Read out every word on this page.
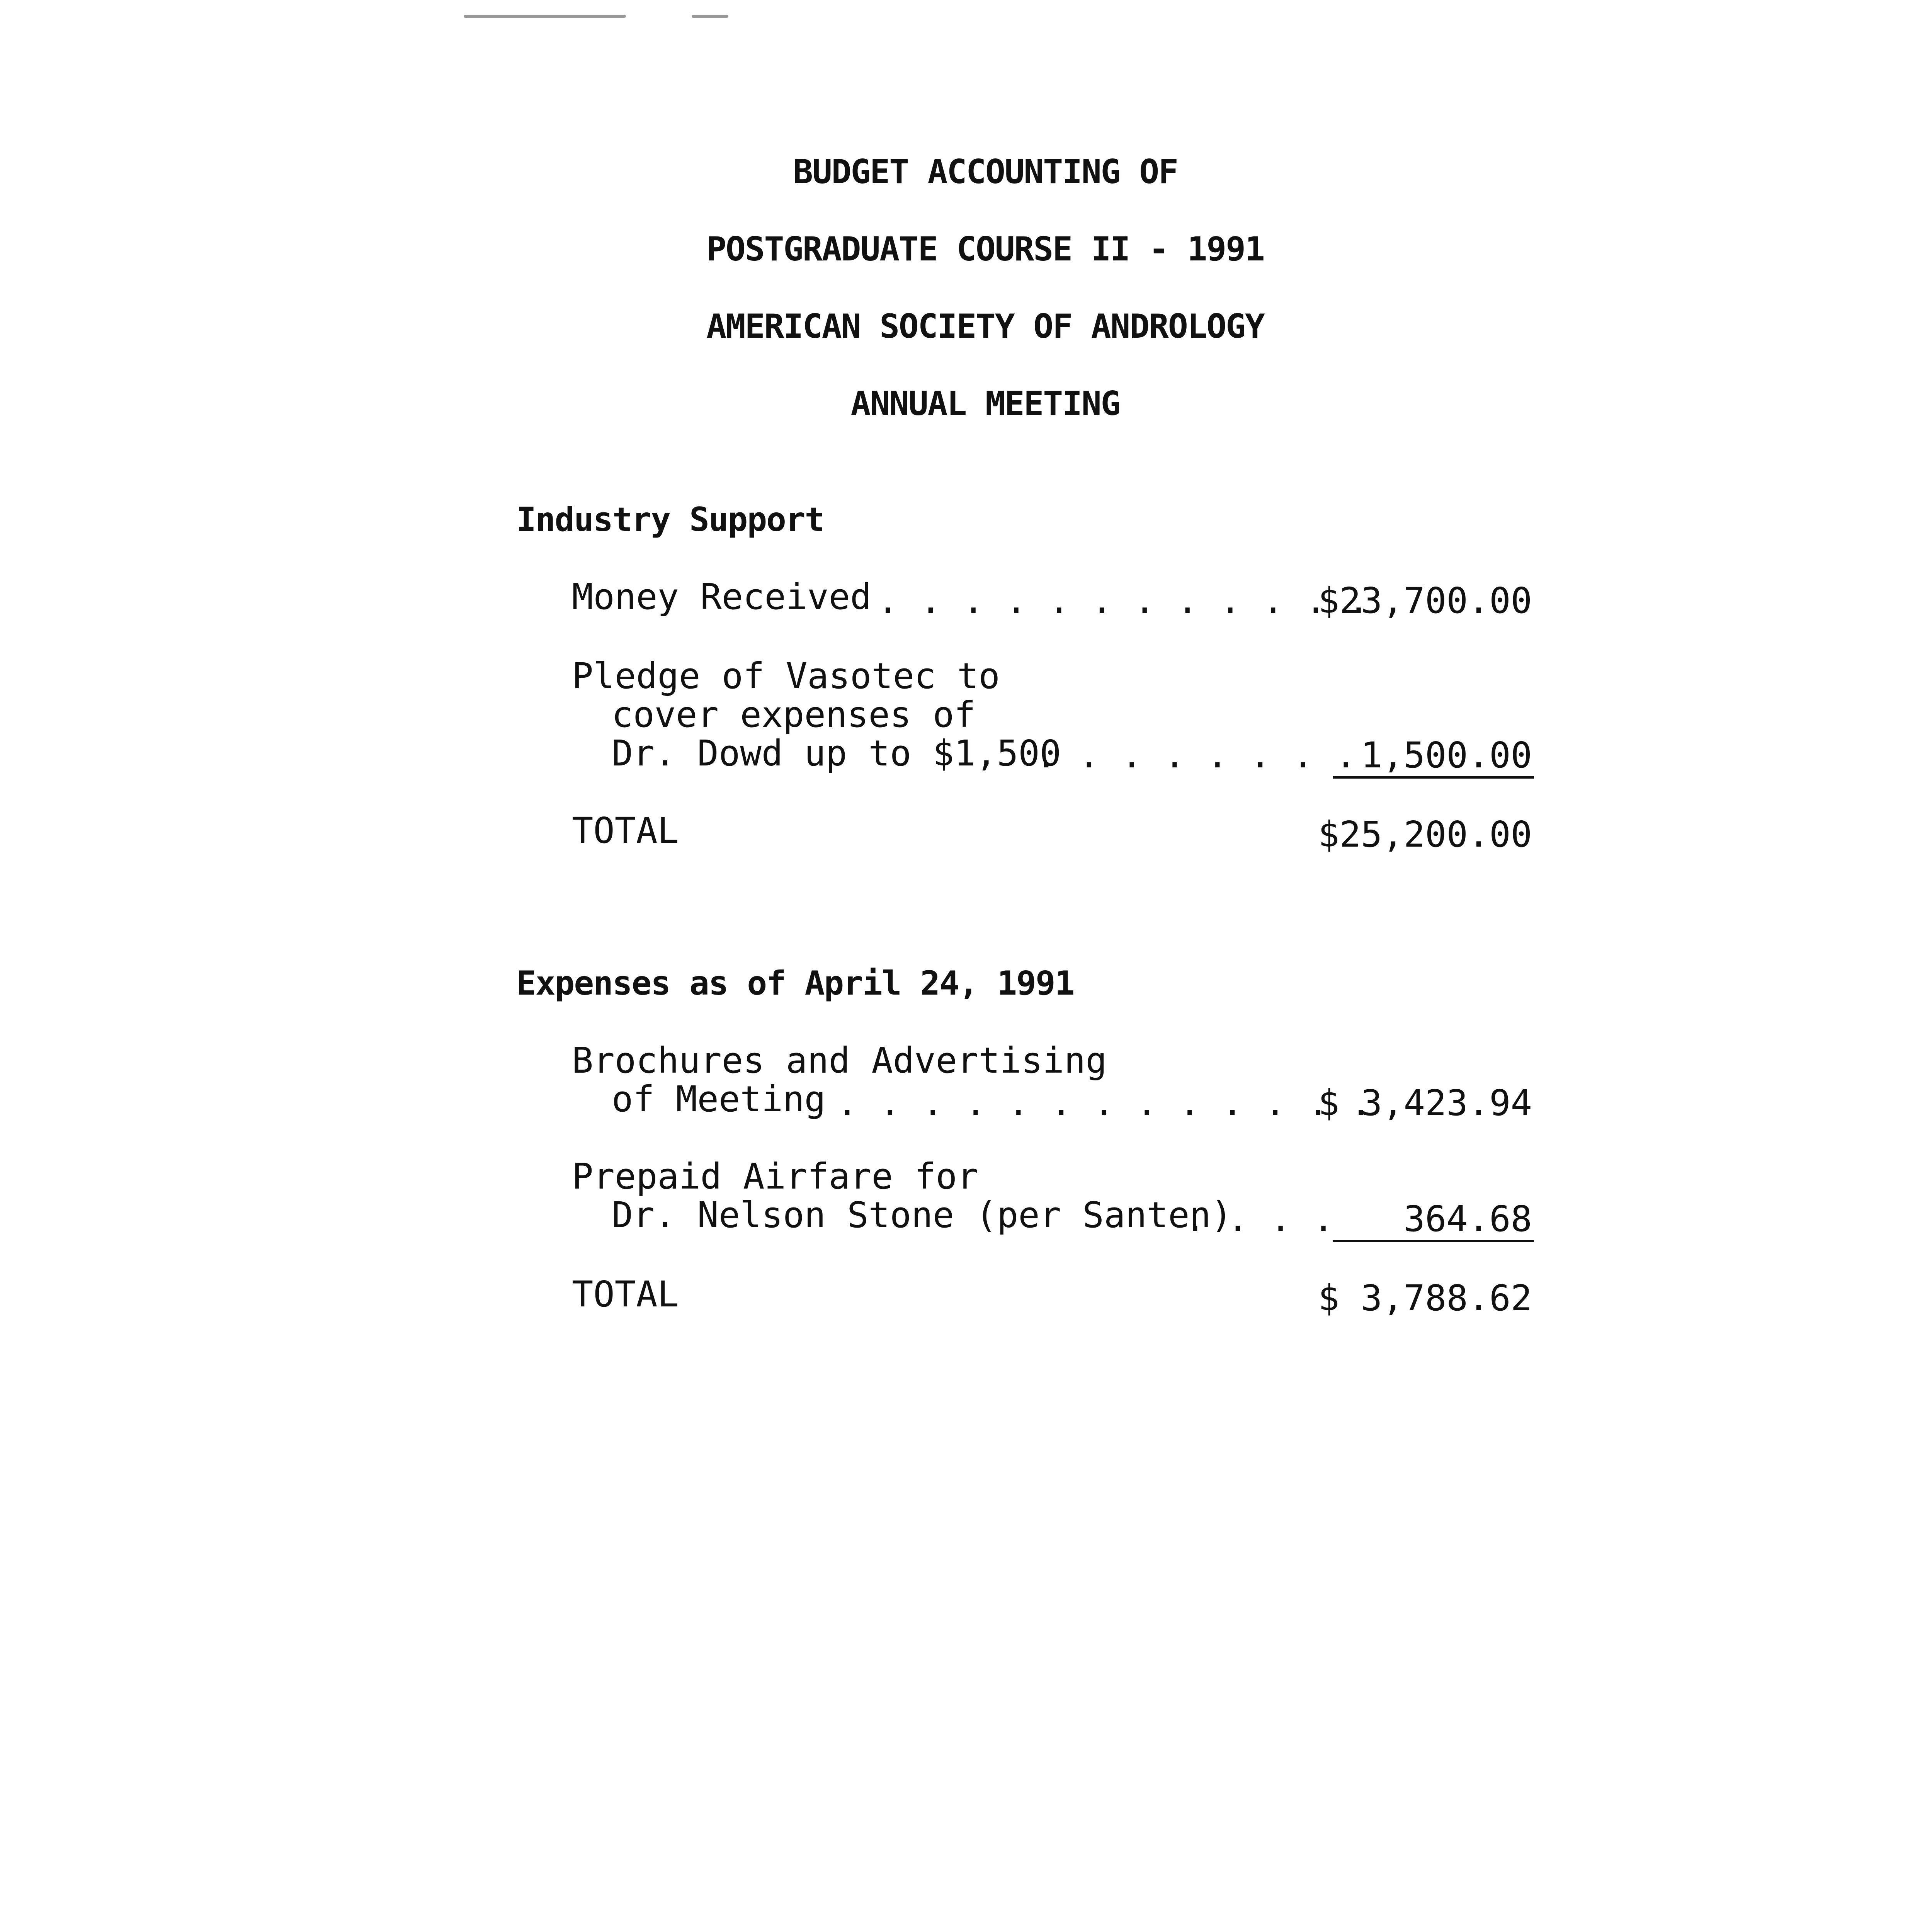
BUDGET ACCOUNTING OF
POSTGRADUATE COURSE II - 1991
AMERICAN SOCIETY OF ANDROLOGY
ANNUAL MEETING
Industry Support
Money Received . . . . . . . . . . . .
$23,700.00
Pledge of Vasotec to
cover expenses of
Dr. Dowd up to $1,500
. . . . . . . . 1,500.00
TOTAL	$25,200.00
Expenses as of April 24, 1991
Brochures and Advertising
of Meeting . . . . . . . . . . . . .
$ 3,423.94
Prepaid Airfare for
Dr. Nelson Stone (per Santen)
. . . . 364.68
TOTAL	$ 3,788.62
